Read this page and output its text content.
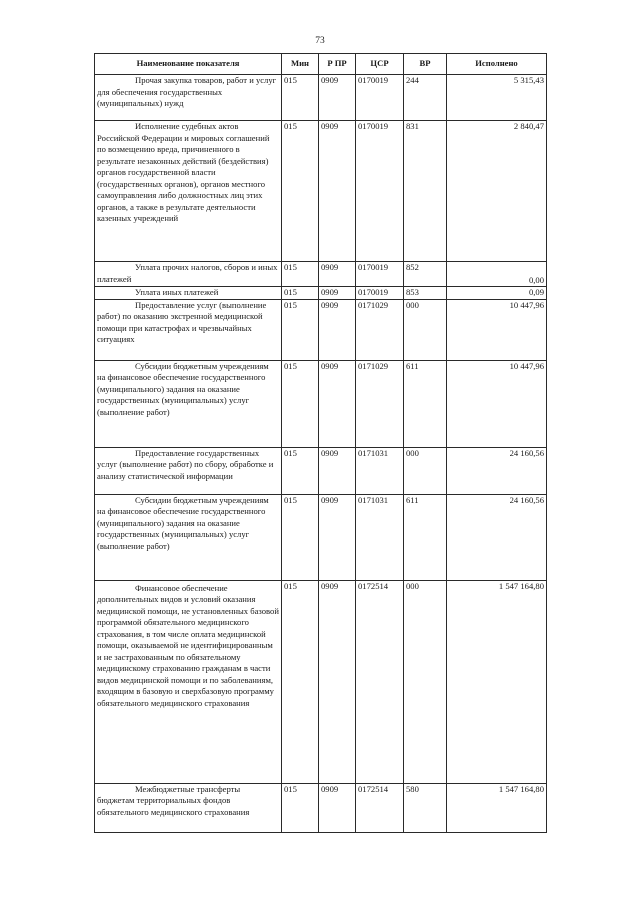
73
Наименование показателя	Мин	Р ПР	ЦСР	ВР	Исполнено
Прочая закупка товаров, работ и услуг для обеспечения государственных (муниципальных) нужд	015	0909	0170019	244	5 315,43
Исполнение судебных актов Российской Федерации и мировых соглашений по возмещению вреда, причиненного в результате незаконных действий (бездействия) органов государственной власти (государственных органов), органов местного самоуправления либо должностных лиц этих органов, а также в результате деятельности казенных учреждений	015	0909	0170019	831	2 840,47
Уплата прочих налогов, сборов и иных платежей	015	0909	0170019	852	0,00
Уплата иных платежей	015	0909	0170019	853	0,09
Предоставление услуг (выполнение работ) по оказанию экстренной медицинской помощи при катастрофах и чрезвычайных ситуациях	015	0909	0171029	000	10 447,96
Субсидии бюджетным учреждениям на финансовое обеспечение государственного (муниципального) задания на оказание государственных (муниципальных) услуг (выполнение работ)	015	0909	0171029	611	10 447,96
Предоставление государственных услуг (выполнение работ) по сбору, обработке и анализу статистической информации	015	0909	0171031	000	24 160,56
Субсидии бюджетным учреждениям на финансовое обеспечение государственного (муниципального) задания на оказание государственных (муниципальных) услуг (выполнение работ)	015	0909	0171031	611	24 160,56
Финансовое обеспечение дополнительных видов и условий оказания медицинской помощи, не установленных базовой программой обязательного медицинского страхования, в том числе оплата медицинской помощи, оказываемой не идентифицированным и не застрахованным по обязательному медицинскому страхованию гражданам в части видов медицинской помощи и по заболеваниям, входящим в базовую и сверхбазовую программу обязательного медицинского страхования	015	0909	0172514	000	1 547 164,80
Межбюджетные трансферты бюджетам территориальных фондов обязательного медицинского страхования	015	0909	0172514	580	1 547 164,80
